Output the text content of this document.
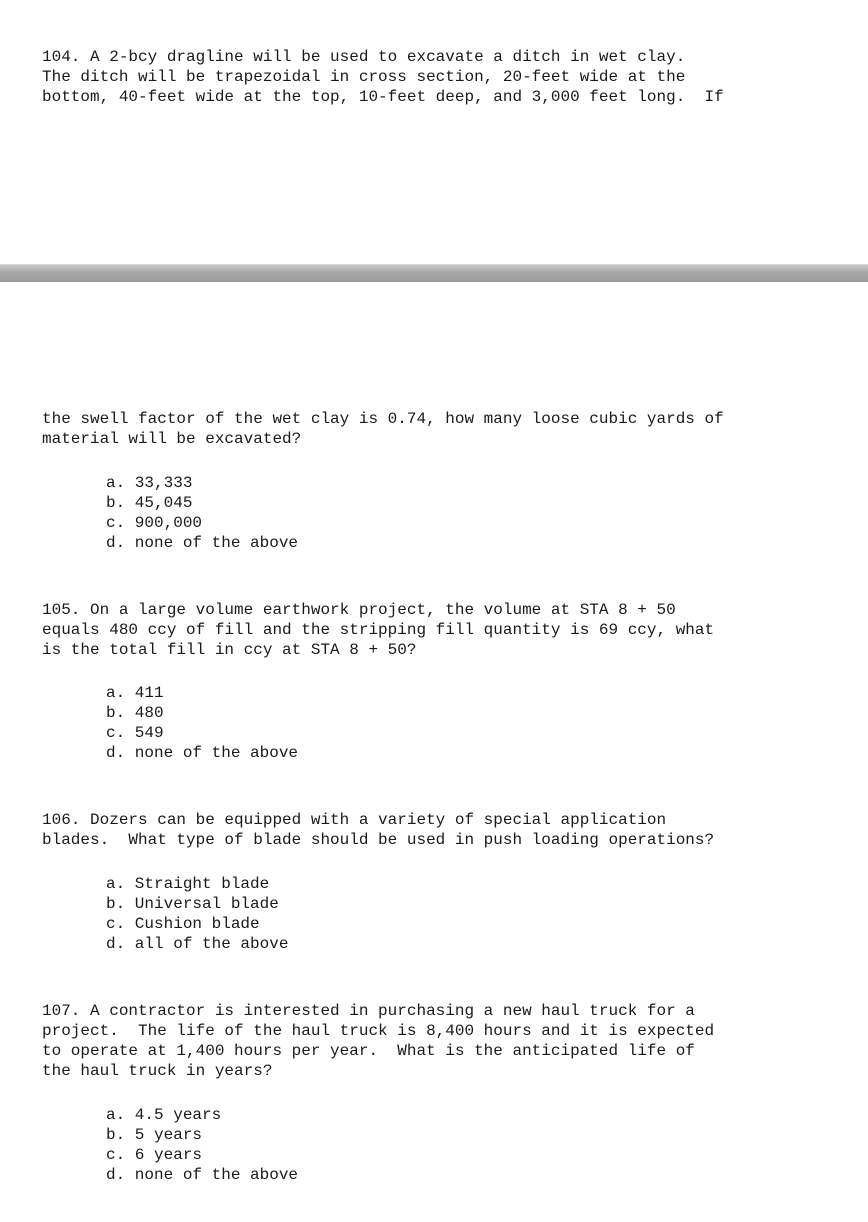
104. A 2-bcy dragline will be used to excavate a ditch in wet clay.

The ditch will be trapezoidal in cross section, 20-feet wide at the

bottom, 40-feet wide at the top, 10-feet deep, and 3,000 feet long.  If

the swell factor of the wet clay is 0.74, how many loose cubic yards of

material will be excavated?

a. 33,333

b. 45,045

c. 900,000

d. none of the above

105. On a large volume earthwork project, the volume at STA 8 + 50

equals 480 ccy of fill and the stripping fill quantity is 69 ccy, what

is the total fill in ccy at STA 8 + 50?

a. 411

b. 480

c. 549

d. none of the above

106. Dozers can be equipped with a variety of special application

blades.  What type of blade should be used in push loading operations?

a. Straight blade

b. Universal blade

c. Cushion blade

d. all of the above

107. A contractor is interested in purchasing a new haul truck for a

project.  The life of the haul truck is 8,400 hours and it is expected

to operate at 1,400 hours per year.  What is the anticipated life of

the haul truck in years?

a. 4.5 years

b. 5 years

c. 6 years

d. none of the above
